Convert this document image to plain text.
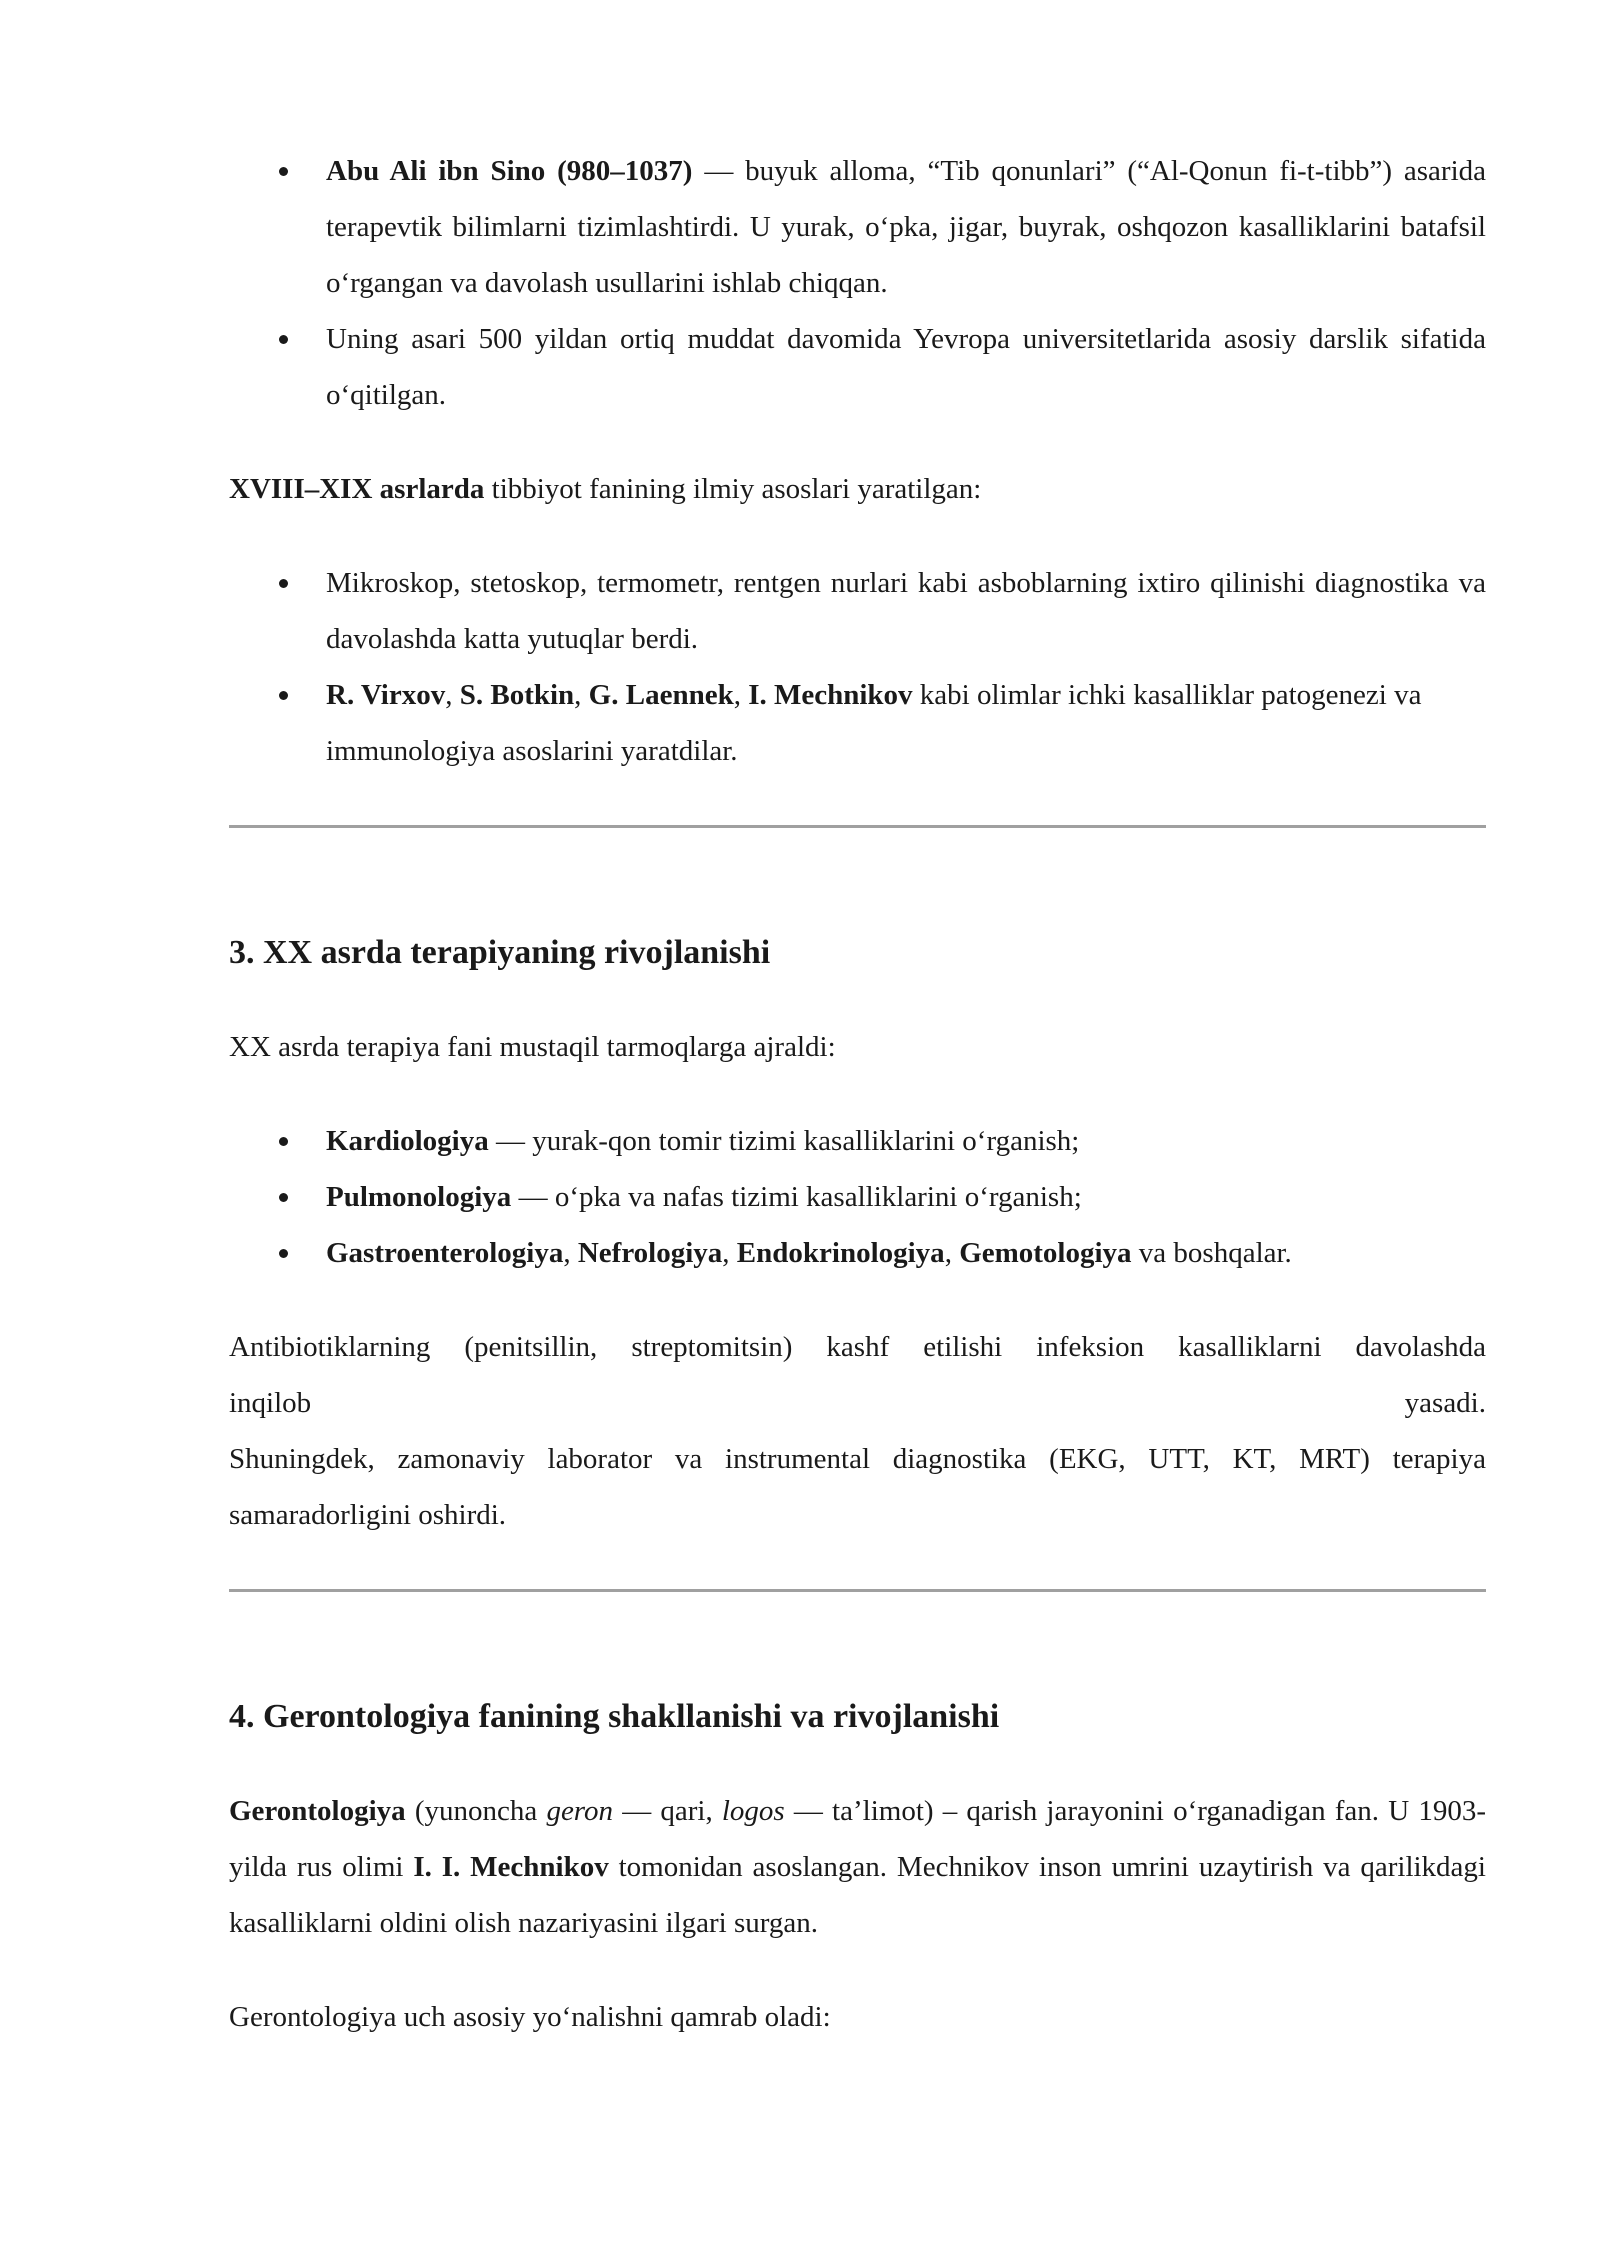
Abu Ali ibn Sino (980–1037) — buyuk alloma, “Tib qonunlari” (“Al-Qonun fi-t-tibb”) asarida terapevtik bilimlarni tizimlashtirdi. U yurak, oʻpka, jigar, buyrak, oshqozon kasalliklarini batafsil oʻrgangan va davolash usullarini ishlab chiqqan.
Uning asari 500 yildan ortiq muddat davomida Yevropa universitetlarida asosiy darslik sifatida oʻqitilgan.

XVIII–XIX asrlarda tibbiyot fanining ilmiy asoslari yaratilgan:

Mikroskop, stetoskop, termometr, rentgen nurlari kabi asboblarning ixtiro qilinishi diagnostika va davolashda katta yutuqlar berdi.
R. Virxov, S. Botkin, G. Laennek, I. Mechnikov kabi olimlar ichki kasalliklar patogenezi va immunologiya asoslarini yaratdilar.
3. XX asrda terapiyaning rivojlanishi

XX asrda terapiya fani mustaqil tarmoqlarga ajraldi:

Kardiologiya — yurak-qon tomir tizimi kasalliklarini oʻrganish;
Pulmonologiya — oʻpka va nafas tizimi kasalliklarini oʻrganish;
Gastroenterologiya, Nefrologiya, Endokrinologiya, Gemotologiya va boshqalar.
Antibiotiklarning (penitsillin, streptomitsin) kashf etilishi infeksion kasalliklarni davolashda
inqilob	yasadi.

Shuningdek, zamonaviy laborator va instrumental diagnostika (EKG, UTT, KT, MRT) terapiya samaradorligini oshirdi.

4. Gerontologiya fanining shakllanishi va rivojlanishi

Gerontologiya (yunoncha geron — qari, logos — ta’limot) – qarish jarayonini oʻrganadigan fan. U 1903-yilda rus olimi I. I. Mechnikov tomonidan asoslangan. Mechnikov inson umrini uzaytirish va qarilikdagi kasalliklarni oldini olish nazariyasini ilgari surgan.

Gerontologiya uch asosiy yoʻnalishni qamrab oladi:
